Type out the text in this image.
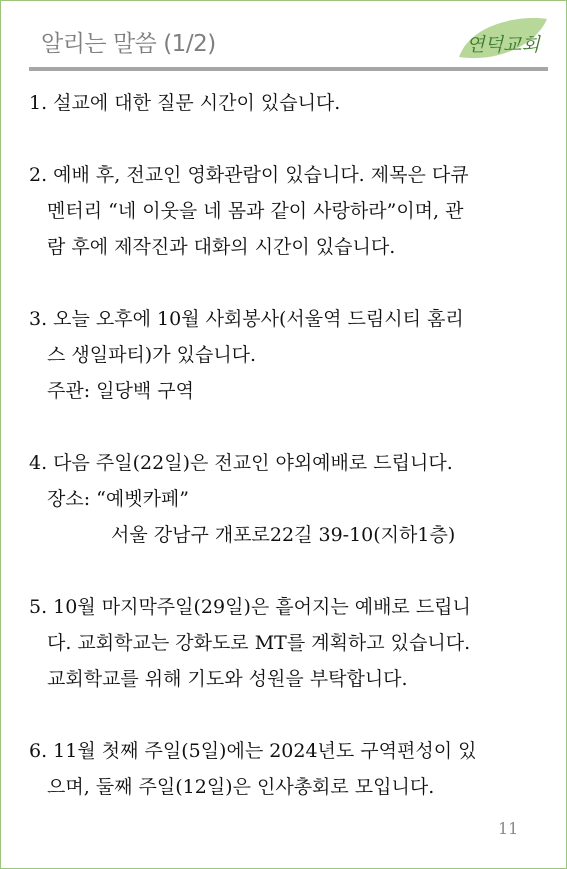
알리는 말씀 (1/2)	연덕교회
1. 설교에 대한 질문 시간이 있습니다.
2. 예배 후, 전교인 영화관람이 있습니다. 제목은 다큐
멘터리 “네 이웃을 네 몸과 같이 사랑하라”이며, 관
람 후에 제작진과 대화의 시간이 있습니다.
3. 오늘 오후에 10월 사회봉사(서울역 드림시티 홈리
스 생일파티)가 있습니다.
주관: 일당백 구역
4. 다음 주일(22일)은 전교인 야외예배로 드립니다.
장소: “예벳카페”
서울 강남구 개포로22길 39-10(지하1층)
5. 10월 마지막주일(29일)은 흩어지는 예배로 드립니
다. 교회학교는 강화도로 MT를 계획하고 있습니다.
교회학교를 위해 기도와 성원을 부탁합니다.
6. 11월 첫째 주일(5일)에는 2024년도 구역편성이 있
으며, 둘째 주일(12일)은 인사총회로 모입니다.
11
